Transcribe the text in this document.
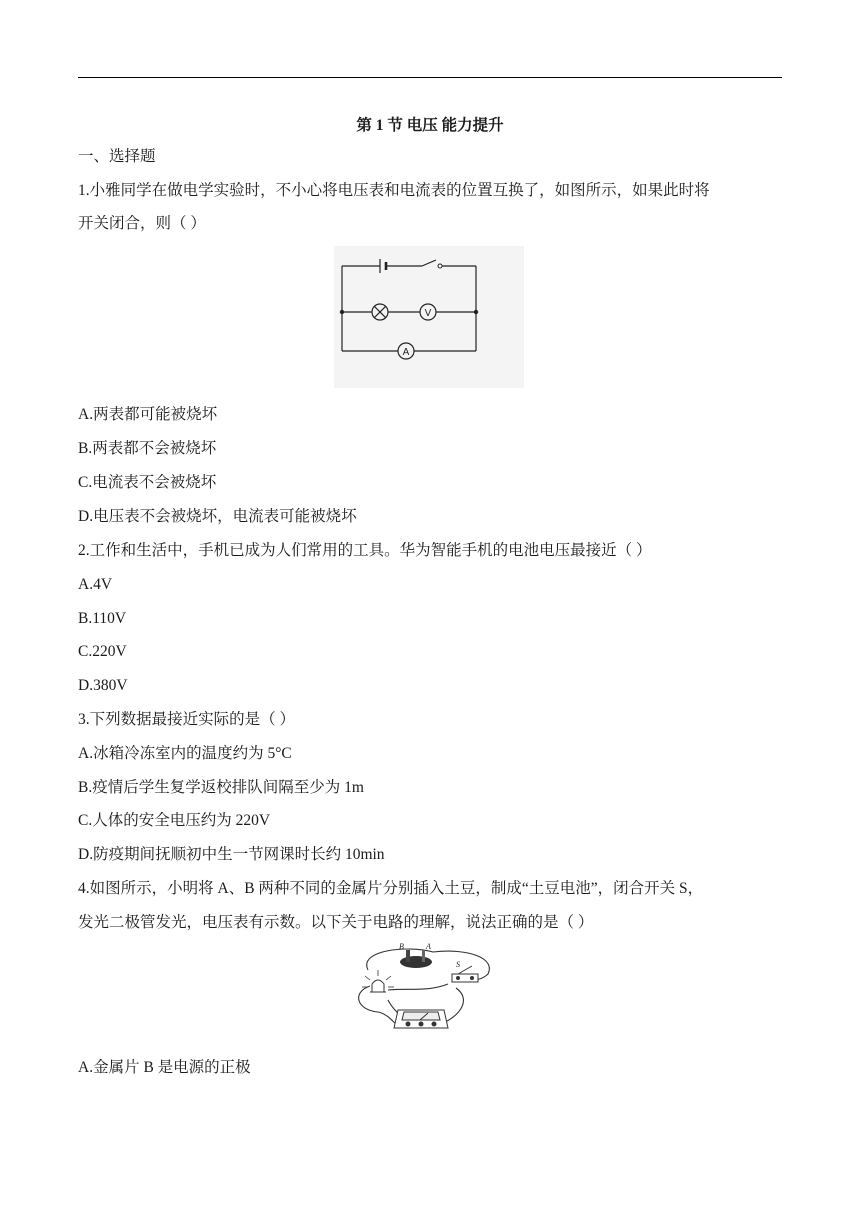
第 1 节 电压 能力提升
一、选择题
1.小雅同学在做电学实验时，不小心将电压表和电流表的位置互换了，如图所示，如果此时将
开关闭合，则（ ）
V
A
A.两表都可能被烧坏
B.两表都不会被烧坏
C.电流表不会被烧坏
D.电压表不会被烧坏，电流表可能被烧坏
2.工作和生活中，手机已成为人们常用的工具。华为智能手机的电池电压最接近（ ）
A.4V
B.110V
C.220V
D.380V
3.下列数据最接近实际的是（ ）
A.冰箱冷冻室内的温度约为 5°C
B.疫情后学生复学返校排队间隔至少为 1m
C.人体的安全电压约为 220V
D.防疫期间抚顺初中生一节网课时长约 10min
4.如图所示，小明将 A、B 两种不同的金属片分别插入土豆，制成“土豆电池”，闭合开关 S，
发光二极管发光，电压表有示数。以下关于电路的理解，说法正确的是（ ）
B	A
S
A.金属片 B 是电源的正极
